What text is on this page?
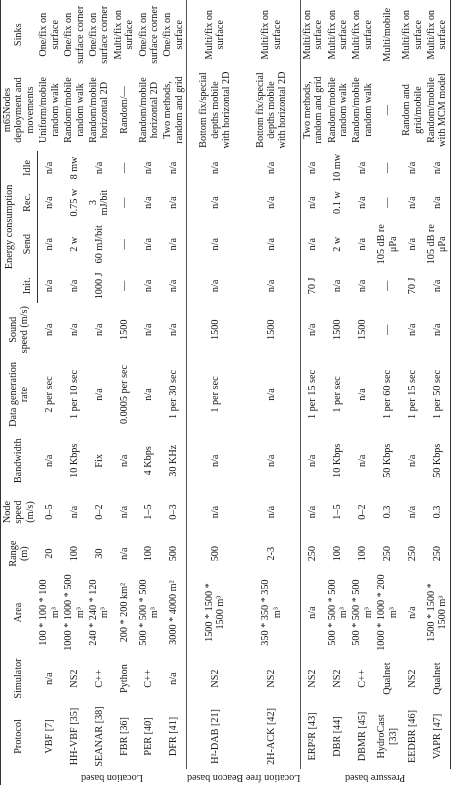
	Protocol	Simulator	Area	Range (m)	Node speed (m/s)	Bandwidth	Data generation rate	Sound speed (m/s)	Energy consumption				m65Nodes deployment and movements	Sinks
									Init.	Send	Rec.	Idle		

Location based	VBF [7]	n/a	100 * 100 * 100 m³	20	0–5	n/a	2 per sec	n/a	n/a	n/a	n/a	n/a	Uniform/mobile random walk	One/fix on surface
	HH-VBF [35]	NS2	1000 * 1000 * 500 m³	100	n/a	10 Kbps	1 per 10 sec	n/a	n/a	2 w	0.75 w	8 mw	Random/mobile random walk	One/fix on surface corner
	SEANAR [38]	C++	240 * 240 * 120 m³	30	0–2	Fix	n/a	n/a	1000 J	60 mJ/bit	3 mJ/bit	n/a	Random/mobile horizontal 2D	One/fix on surface corner
	FBR [36]	Python	200 * 200 km²	n/a	n/a	n/a	0.0005 per sec	1500	—	—	—	—	Random/—	Multi/fix on surface
	PER [40]	C++	500 * 500 * 500 m³	100	1–5	4 Kbps	n/a	n/a	n/a	n/a	n/a	n/a	Random/mobile horizontal 2D	One/fix on surface corner
	DFR [41]	n/a	3000 * 4000 m²	500	0–3	30 KHz	1 per 30 sec	n/a	n/a	n/a	n/a	n/a	Two methods, random and grid	One/fix on surface

Location free Beacon based	H²-DAB [21]	NS2	1500 * 1500 * 1500 m³	500	n/a	n/a	1 per sec	1500	n/a	n/a	n/a	n/a	Bottom fix/special depths mobile with horizontal 2D	Multi/fix on surface
	2H-ACK [42]	NS2	350 * 350 * 350 m³	2-3	n/a	n/a	n/a	1500	n/a	n/a	n/a	n/a	Bottom fix/special depths mobile with horizontal 2D	Multi/fix on surface

Pressure based	ERP²R [43]	NS2	n/a	250	n/a	n/a	1 per 15 sec	n/a	70 J	n/a	n/a	n/a	Two methods, random and grid	Multi/fix on surface
	DBR [44]	NS2	500 * 500 * 500 m³	100	1–5	10 Kbps	1 per sec	1500	n/a	2 w	0.1 w	10 mw	Random/mobile random walk	Multi/fix on surface
	DBMR [45]	C++	500 * 500 * 500 m³	100	0–2	n/a	n/a	1500	n/a	n/a	n/a	n/a	Random/mobile random walk	Multi/fix on surface
	HydroCast [33]	Qualnet	1000 * 1000 * 200 m³	250	0.3	50 Kbps	1 per 60 sec	—	—	105 dB re μPa	—	—	—	Multi/mobile
	EEDBR [46]	NS2	n/a	250	n/a	n/a	1 per 15 sec	n/a	70 J	n/a	n/a	n/a	Random and grid/mobile	Multi/fix on surface
	VAPR [47]	Qualnet	1500 * 1500 * 1500 m³	250	0.3	50 Kbps	1 per 50 sec	n/a	n/a	105 dB re μPa	n/a	n/a	Random/mobile with MCM model	Multi/fix on surface
